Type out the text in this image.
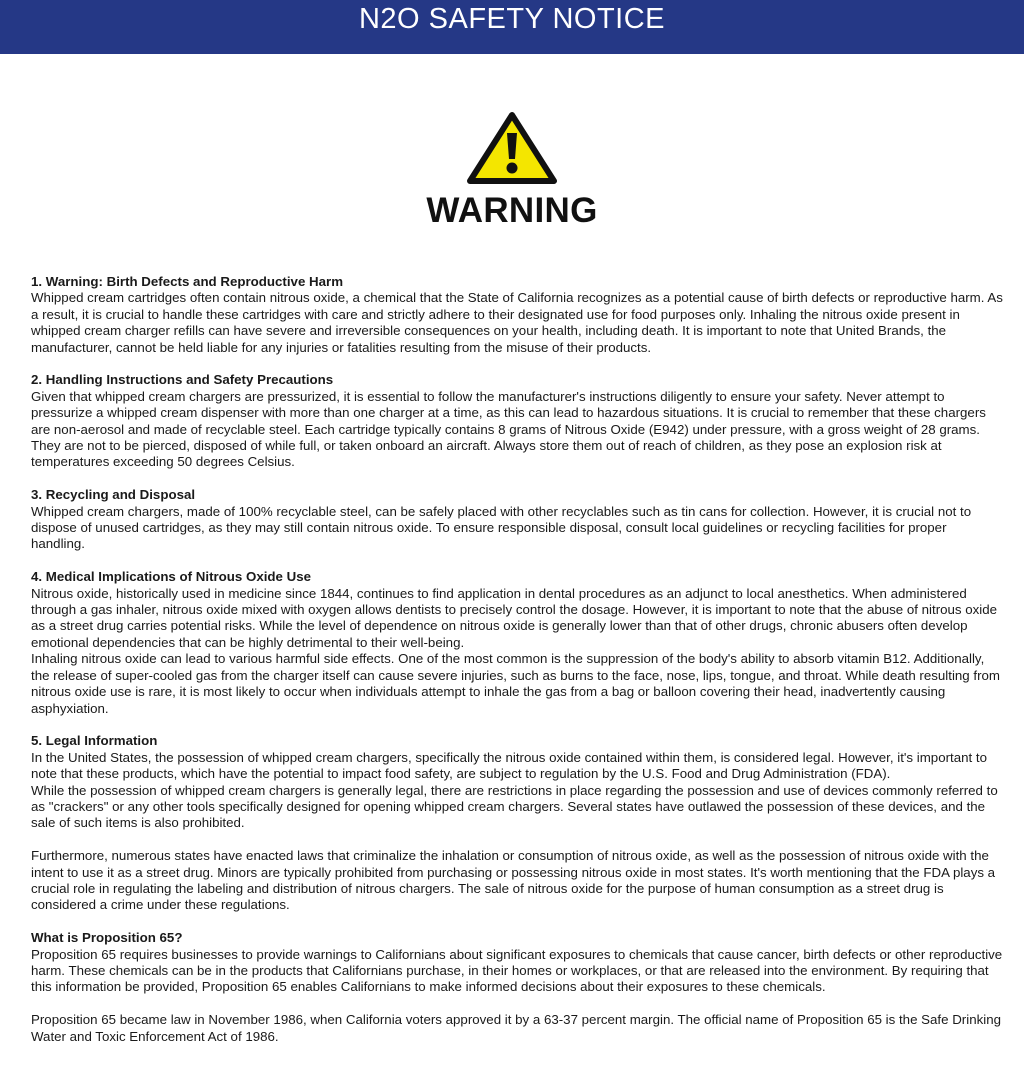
N2O SAFETY NOTICE
WARNING
1. Warning: Birth Defects and Reproductive Harm
Whipped cream cartridges often contain nitrous oxide, a chemical that the State of California recognizes as a potential cause of birth defects or reproductive harm. As a result, it is crucial to handle these cartridges with care and strictly adhere to their designated use for food purposes only. Inhaling the nitrous oxide present in whipped cream charger refills can have severe and irreversible consequences on your health, including death. It is important to note that United Brands, the manufacturer, cannot be held liable for any injuries or fatalities resulting from the misuse of their products.
2. Handling Instructions and Safety Precautions
Given that whipped cream chargers are pressurized, it is essential to follow the manufacturer's instructions diligently to ensure your safety. Never attempt to pressurize a whipped cream dispenser with more than one charger at a time, as this can lead to hazardous situations. It is crucial to remember that these chargers are non-aerosol and made of recyclable steel. Each cartridge typically contains 8 grams of Nitrous Oxide (E942) under pressure, with a gross weight of 28 grams. They are not to be pierced, disposed of while full, or taken onboard an aircraft. Always store them out of reach of children, as they pose an explosion risk at temperatures exceeding 50 degrees Celsius.
3. Recycling and Disposal
Whipped cream chargers, made of 100% recyclable steel, can be safely placed with other recyclables such as tin cans for collection. However, it is crucial not to dispose of unused cartridges, as they may still contain nitrous oxide. To ensure responsible disposal, consult local guidelines or recycling facilities for proper handling.
4. Medical Implications of Nitrous Oxide Use
Nitrous oxide, historically used in medicine since 1844, continues to find application in dental procedures as an adjunct to local anesthetics. When administered through a gas inhaler, nitrous oxide mixed with oxygen allows dentists to precisely control the dosage. However, it is important to note that the abuse of nitrous oxide as a street drug carries potential risks. While the level of dependence on nitrous oxide is generally lower than that of other drugs, chronic abusers often develop emotional dependencies that can be highly detrimental to their well-being.
Inhaling nitrous oxide can lead to various harmful side effects. One of the most common is the suppression of the body's ability to absorb vitamin B12. Additionally, the release of super-cooled gas from the charger itself can cause severe injuries, such as burns to the face, nose, lips, tongue, and throat. While death resulting from nitrous oxide use is rare, it is most likely to occur when individuals attempt to inhale the gas from a bag or balloon covering their head, inadvertently causing asphyxiation.
5. Legal Information
In the United States, the possession of whipped cream chargers, specifically the nitrous oxide contained within them, is considered legal. However, it's important to note that these products, which have the potential to impact food safety, are subject to regulation by the U.S. Food and Drug Administration (FDA).
While the possession of whipped cream chargers is generally legal, there are restrictions in place regarding the possession and use of devices commonly referred to as "crackers" or any other tools specifically designed for opening whipped cream chargers. Several states have outlawed the possession of these devices, and the sale of such items is also prohibited.
Furthermore, numerous states have enacted laws that criminalize the inhalation or consumption of nitrous oxide, as well as the possession of nitrous oxide with the intent to use it as a street drug. Minors are typically prohibited from purchasing or possessing nitrous oxide in most states. It's worth mentioning that the FDA plays a crucial role in regulating the labeling and distribution of nitrous chargers. The sale of nitrous oxide for the purpose of human consumption as a street drug is considered a crime under these regulations.
What is Proposition 65?
Proposition 65 requires businesses to provide warnings to Californians about significant exposures to chemicals that cause cancer, birth defects or other reproductive harm. These chemicals can be in the products that Californians purchase, in their homes or workplaces, or that are released into the environment. By requiring that this information be provided, Proposition 65 enables Californians to make informed decisions about their exposures to these chemicals.
Proposition 65 became law in November 1986, when California voters approved it by a 63-37 percent margin. The official name of Proposition 65 is the Safe Drinking Water and Toxic Enforcement Act of 1986.
